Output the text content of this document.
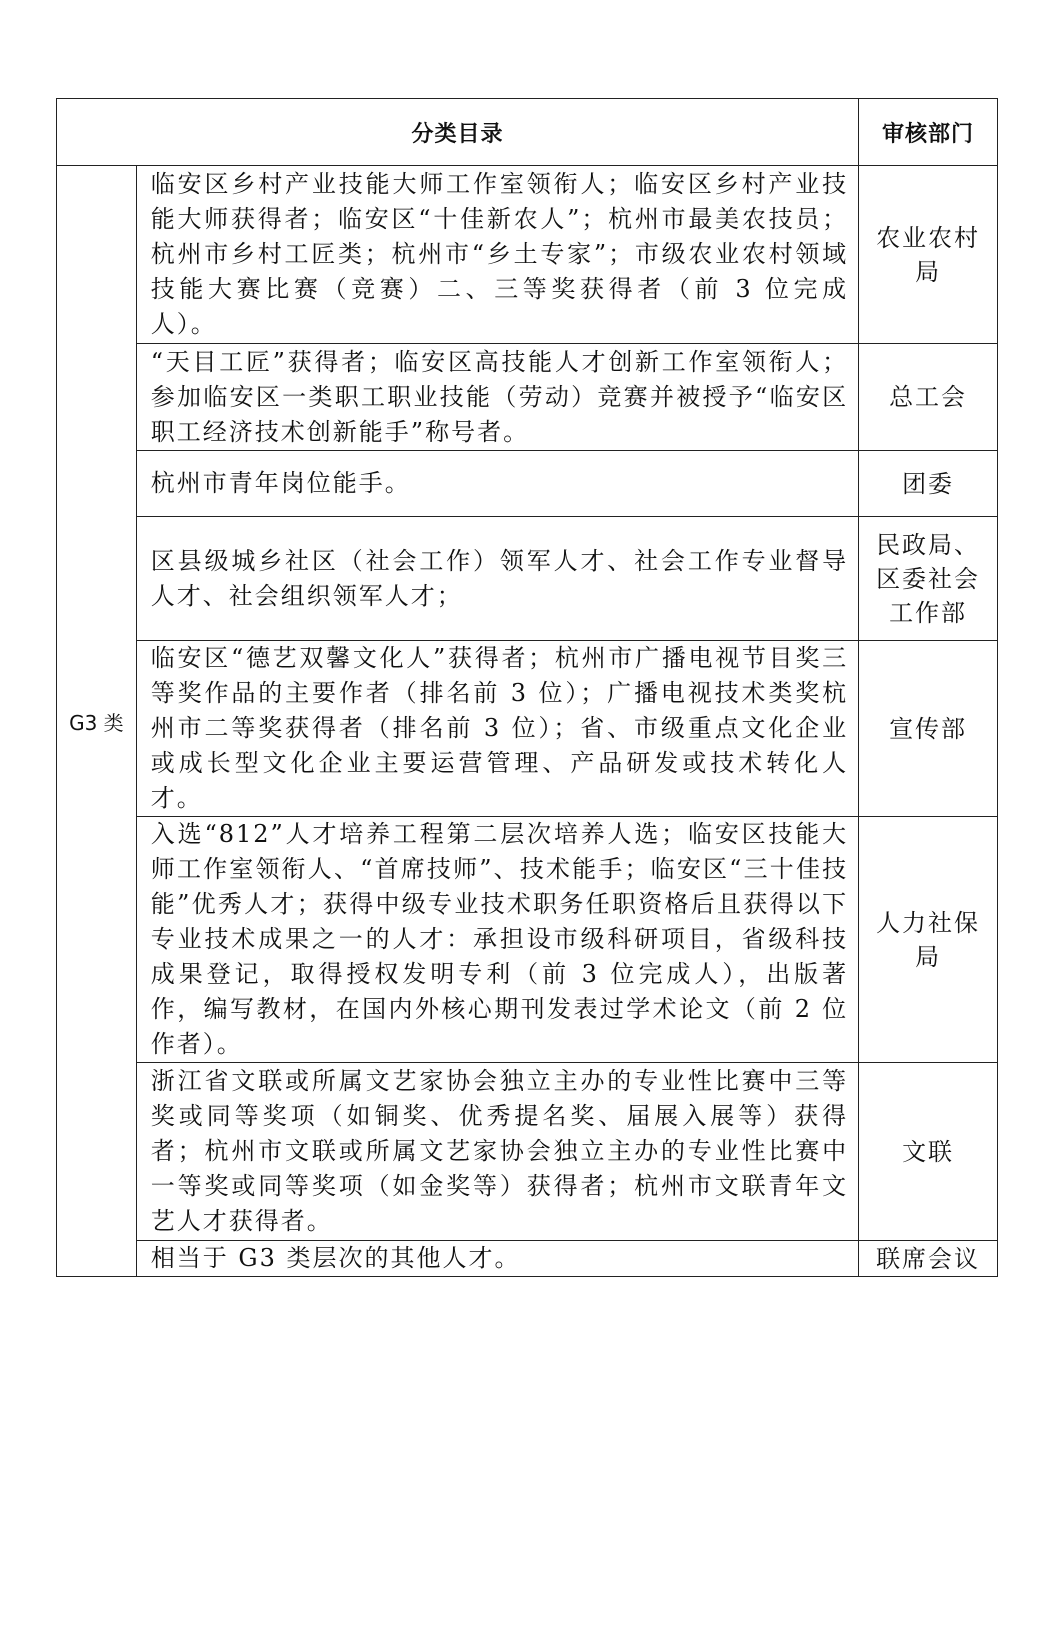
分类目录		审核部门
G3 类	临安区乡村产业技能大师工作室领衔人；临安区乡村产业技能大师获得者；临安区“十佳新农人”；杭州市最美农技员；杭州市乡村工匠类；杭州市“乡土专家”；市级农业农村领域技能大赛比赛（竞赛）二、三等奖获得者（前 3 位完成人）。	农业农村局
	“天目工匠”获得者；临安区高技能人才创新工作室领衔人；参加临安区一类职工职业技能（劳动）竞赛并被授予“临安区职工经济技术创新能手”称号者。	总工会
	杭州市青年岗位能手。	团委
	区县级城乡社区（社会工作）领军人才、社会工作专业督导人才、社会组织领军人才；	民政局、区委社会工作部
	临安区“德艺双馨文化人”获得者；杭州市广播电视节目奖三等奖作品的主要作者（排名前 3 位）；广播电视技术类奖杭州市二等奖获得者（排名前 3 位）；省、市级重点文化企业或成长型文化企业主要运营管理、产品研发或技术转化人才。	宣传部
	入选“812”人才培养工程第二层次培养人选；临安区技能大师工作室领衔人、“首席技师”、技术能手；临安区“三十佳技能”优秀人才；获得中级专业技术职务任职资格后且获得以下专业技术成果之一的人才：承担设市级科研项目，省级科技成果登记，取得授权发明专利（前 3 位完成人），出版著作，编写教材，在国内外核心期刊发表过学术论文（前 2 位作者）。	人力社保局
	浙江省文联或所属文艺家协会独立主办的专业性比赛中三等奖或同等奖项（如铜奖、优秀提名奖、届展入展等）获得者；杭州市文联或所属文艺家协会独立主办的专业性比赛中一等奖或同等奖项（如金奖等）获得者；杭州市文联青年文艺人才获得者。	文联
	相当于 G3 类层次的其他人才。	联席会议
